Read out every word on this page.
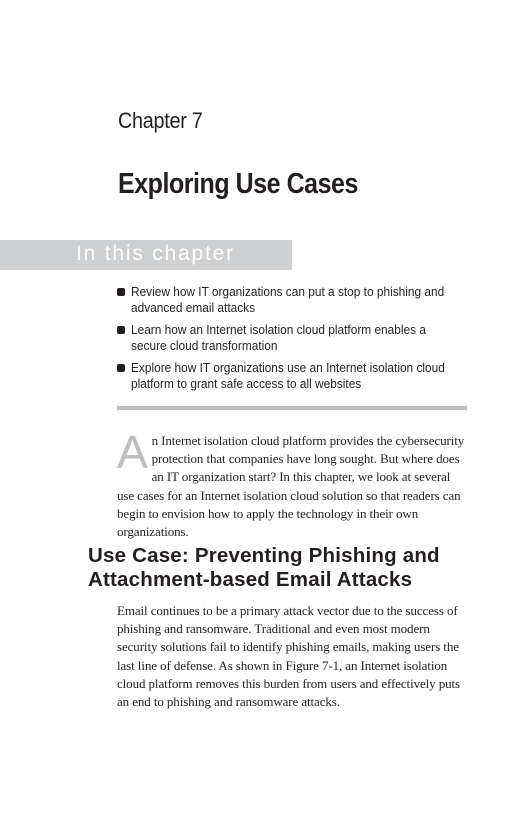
Chapter 7
Exploring Use Cases
In this chapter
Review how IT organizations can put a stop to phishing and advanced email attacks
Learn how an Internet isolation cloud platform enables a secure cloud transformation
Explore how IT organizations use an Internet isolation cloud platform to grant safe access to all websites

An Internet isolation cloud platform provides the cybersecurity protection that companies have long sought. But where does an IT organization start? In this chapter, we look at several use cases for an Internet isolation cloud solution so that readers can begin to envision how to apply the technology in their own organizations.

Use Case: Preventing Phishing and Attachment-based Email Attacks

Email continues to be a primary attack vector due to the success of phishing and ransomware. Traditional and even most modern security solutions fail to identify phishing emails, making users the last line of defense. As shown in Figure 7-1, an Internet isolation cloud platform removes this burden from users and effectively puts an end to phishing and ransomware attacks.
